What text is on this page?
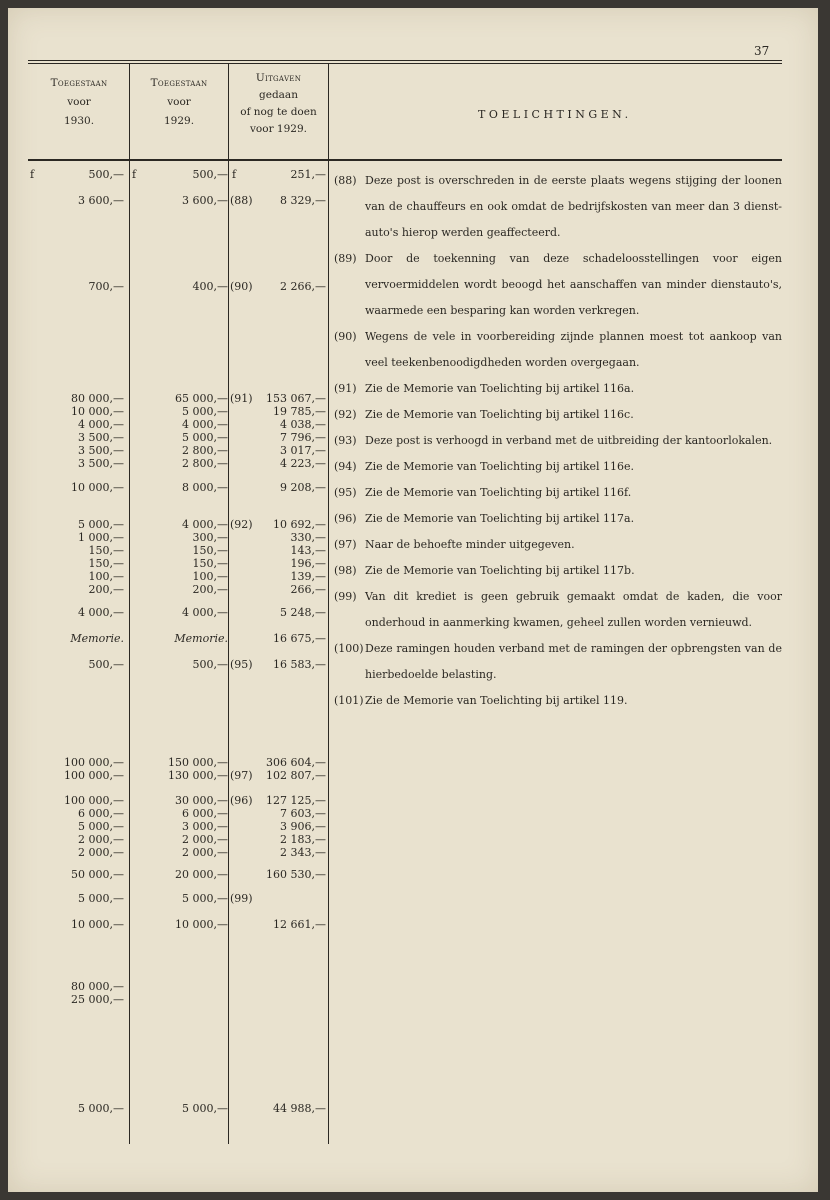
37
Toegestaan
voor
1930.
Toegestaan
voor
1929.
Uitgaven
gedaan
of nog te doen
voor 1929.
TOELICHTINGEN.
500,—	500,—	251,—
f	f	f
3 600,—	3 600,— (88)	8 329,—
700,—	400,— (90)	2 266,—
80 000,—	65 000,— (91)	153 067,—
10 000,—	5 000,—	19 785,—
4 000,—	4 000,—	4 038,—
3 500,—	5 000,—	7 796,—
3 500,—	2 800,—	3 017,—
3 500,—	2 800,—	4 223,—
10 000,—	8 000,—	9 208,—
5 000,—	4 000,— (92)	10 692,—
1 000,—	300,—	330,—
150,—	150,—	143,—
150,—	150,—	196,—
100,—	100,—	139,—
200,—	200,—	266,—
4 000,—	4 000,—	5 248,—
Memorie.	Memorie.	16 675,—
500,—	500,— (95)	16 583,—
100 000,—	150 000,—	306 604,—
100 000,—	130 000,— (97)	102 807,—
100 000,—	30 000,— (96)	127 125,—
6 000,—	6 000,—	7 603,—
5 000,—	3 000,—	3 906,—
2 000,—	2 000,—	2 183,—
2 000,—	2 000,—	2 343,—
50 000,—	20 000,—	160 530,—
5 000,—	5 000,— (99)
10 000,—	10 000,—	12 661,—
80 000,—
25 000,—
5 000,—	5 000,—	44 988,—
(88) Deze post is overschreden in de eerste plaats wegens stijging der loonen van de chauffeurs en ook omdat de bedrijfskosten van meer dan 3 dienst-auto's hierop werden geaffecteerd.
(89) Door de toekenning van deze schadeloosstellingen voor eigen vervoermiddelen wordt beoogd het aanschaffen van minder dienstauto's, waarmede een besparing kan worden verkregen.
(90) Wegens de vele in voorbereiding zijnde plannen moest tot aankoop van veel teekenbenoodigdheden worden overgegaan.
(91) Zie de Memorie van Toelichting bij artikel 116a.
(92) Zie de Memorie van Toelichting bij artikel 116c.
(93) Deze post is verhoogd in verband met de uitbreiding der kantoorlokalen.
(94) Zie de Memorie van Toelichting bij artikel 116e.
(95) Zie de Memorie van Toelichting bij artikel 116f.
(96) Zie de Memorie van Toelichting bij artikel 117a.
(97) Naar de behoefte minder uitgegeven.
(98) Zie de Memorie van Toelichting bij artikel 117b.
(99) Van dit krediet is geen gebruik gemaakt omdat de kaden, die voor onderhoud in aanmerking kwamen, geheel zullen worden vernieuwd.
(100) Deze ramingen houden verband met de ramingen der opbrengsten van de hierbedoelde belasting.
(101) Zie de Memorie van Toelichting bij artikel 119.
